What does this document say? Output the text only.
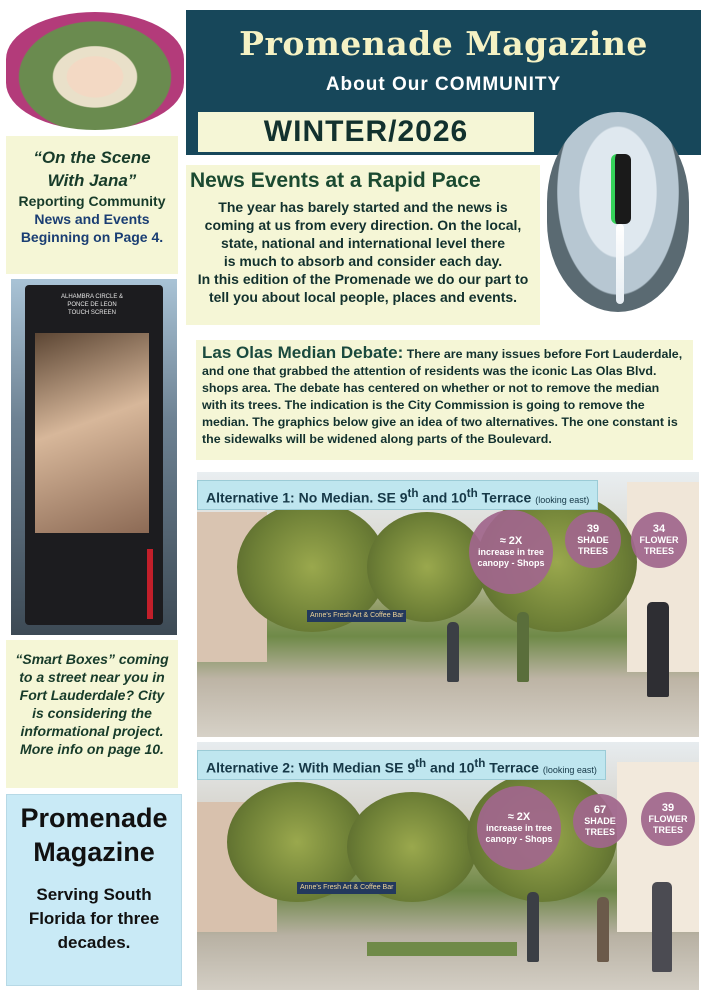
“On the Scene
With Jana”
Reporting Community
News and Events
Beginning on Page 4.
ALHAMBRA CIRCLE &
PONCE DE LEON
TOUCH SCREEN
“Smart Boxes” coming
to a street near you in
Fort Lauderdale? City
is considering the
informational project.
More info on page 10.
Promenade
Magazine
Serving South
Florida for three
decades.
Promenade Magazine
About Our COMMUNITY
WINTER/2026
News Events at a Rapid Pace
The year has barely started and the news is
coming at us from every direction. On the local,
state, national and international level there
is much to absorb and consider each day.
In this edition of the Promenade we do our part to
tell you about local people, places and events.
Las Olas Median Debate: There are many issues before Fort Lauderdale, and one that grabbed the attention of residents was the iconic Las Olas Blvd. shops area. The debate has centered on whether or not to remove the median with its trees. The indication is the City Commission is going to remove the median. The graphics below give an idea of two alternatives. The one constant is the sidewalks will be widened along parts of the Boulevard.
Anne's Fresh Art & Coffee Bar
Alternative 1: No Median. SE 9th and 10th Terrace (looking east)
≈ 2X
increase in tree canopy - Shops
39
SHADE TREES
34
FLOWER TREES
Anne's Fresh Art & Coffee Bar
Alternative 2: With Median SE 9th and 10th Terrace (looking east)
≈ 2X
increase in tree canopy - Shops
67
SHADE TREES
39
FLOWER TREES
